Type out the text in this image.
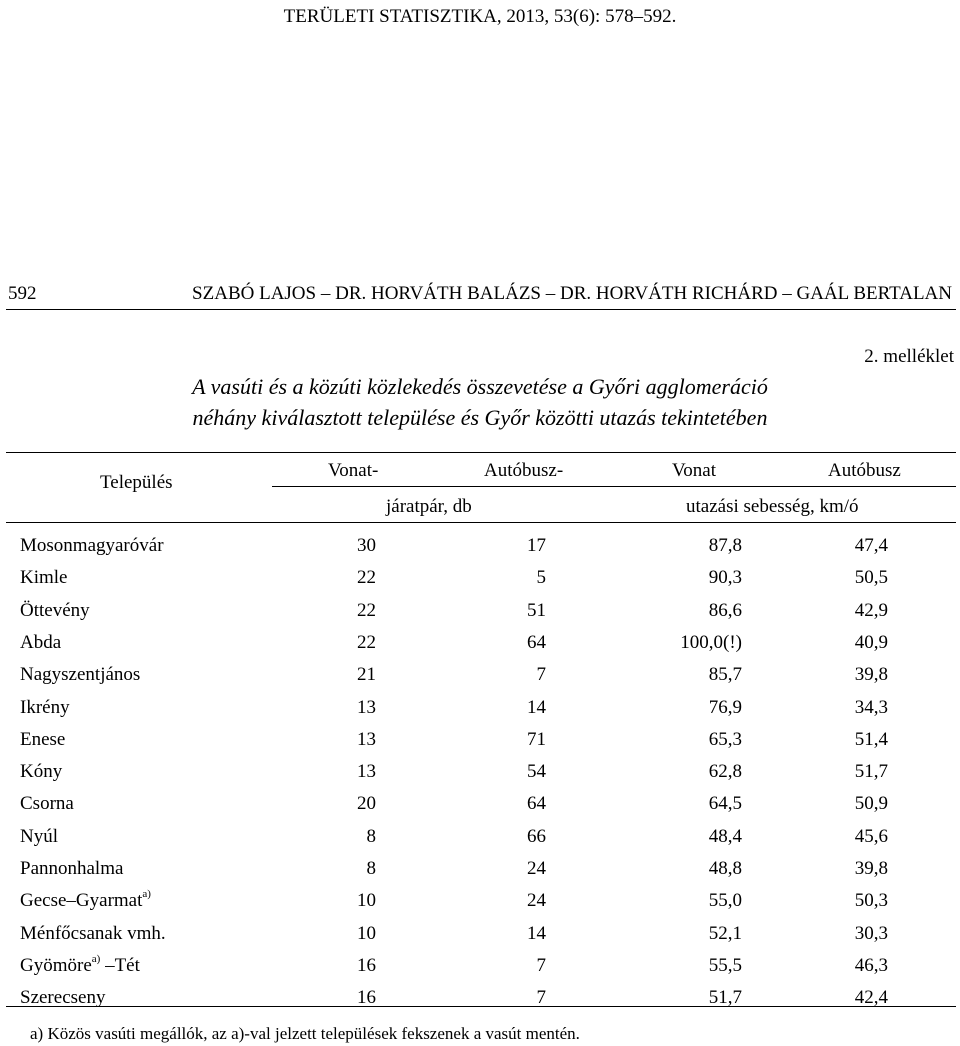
TERÜLETI STATISZTIKA, 2013, 53(6): 578–592.
592	SZABÓ LAJOS – DR. HORVÁTH BALÁZS – DR. HORVÁTH RICHÁRD – GAÁL BERTALAN
2. melléklet
A vasúti és a közúti közlekedés összevetése a Győri agglomeráció
néhány kiválasztott települése és Győr közötti utazás tekintetében
Település
Vonat-	Autóbusz-	Vonat	Autóbusz
járatpár, db	utazási sebesség, km/ó
Mosonmagyaróvár	30	17	87,8	47,4
Kimle	22	5	90,3	50,5
Öttevény	22	51	86,6	42,9
Abda	22	64	100,0(!)	40,9
Nagyszentjános	21	7	85,7	39,8
Ikrény	13	14	76,9	34,3
Enese	13	71	65,3	51,4
Kóny	13	54	62,8	51,7
Csorna	20	64	64,5	50,9
Nyúl	8	66	48,4	45,6
Pannonhalma	8	24	48,8	39,8
Gecse–Gyarmat$^{a)}$	10	24	55,0	50,3
Ménfőcsanak vmh.	10	14	52,1	30,3
Gyömöre$^{a)}$ –Tét	16	7	55,5	46,3
Szerecseny	16	7	51,7	42,4
a) Közös vasúti megállók, az a)-val jelzett települések fekszenek a vasút mentén.
